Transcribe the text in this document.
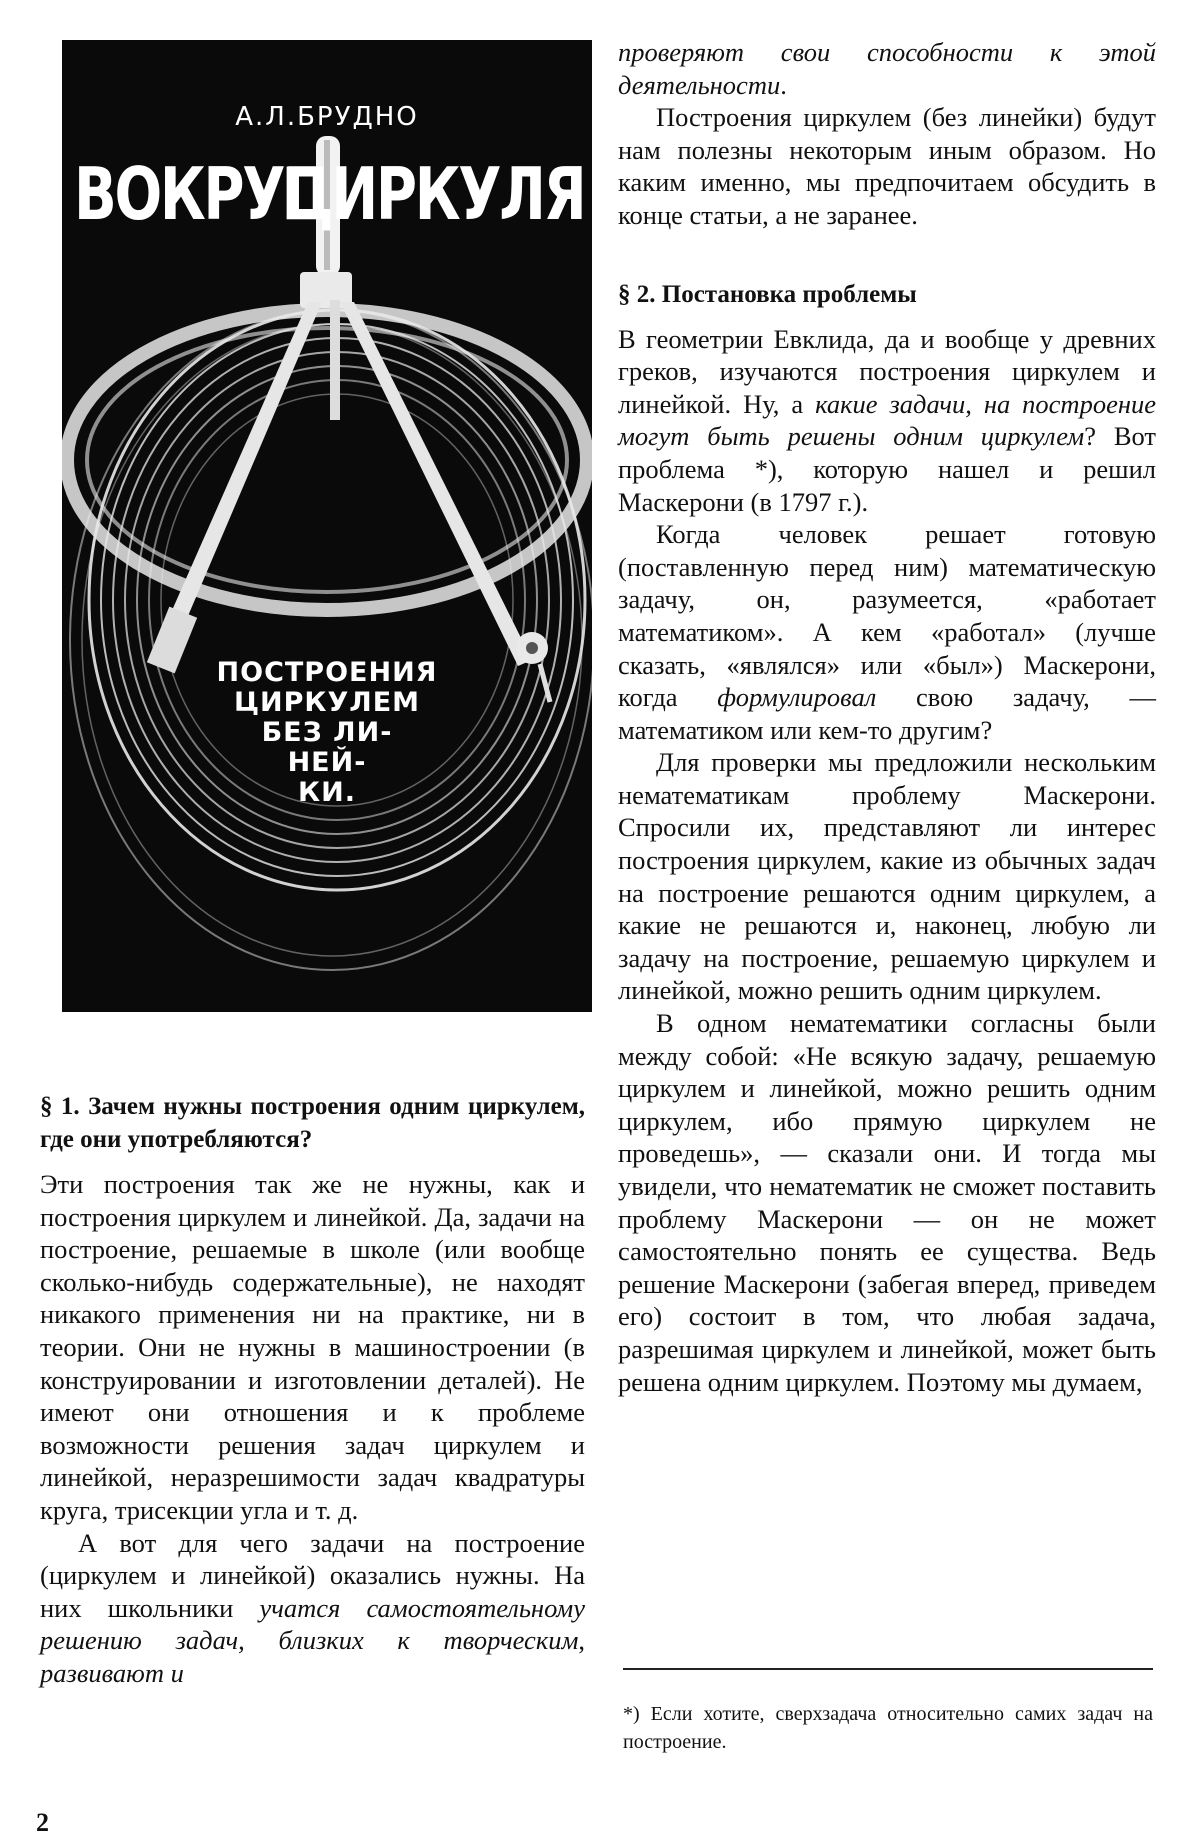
А.Л.БРУДНО
ВОКРУГ
ЦИРКУЛЯ
ПОСТРОЕНИЯ
ЦИРКУЛЕМ
БЕЗ ЛИ-
НЕЙ-
КИ.

§ 1. Зачем нужны построения одним циркулем, где они употребляются?

Эти построения так же не нужны, как и построения циркулем и линейкой. Да, задачи на построение, решаемые в школе (или вообще сколько-нибудь содержательные), не находят никакого применения ни на практике, ни в теории. Они не нужны в машиностроении (в конструировании и изготовлении деталей). Не имеют они отношения и к проблеме возможности решения задач циркулем и линейкой, неразрешимости задач квадратуры круга, трисекции угла и т. д.

А вот для чего задачи на построение (циркулем и линейкой) оказались нужны. На них школьники учатся самостоятельному решению задач, близких к творческим, развивают и

проверяют свои способности к этой деятельности.

Построения циркулем (без линейки) будут нам полезны некоторым иным образом. Но каким именно, мы предпочитаем обсудить в конце статьи, а не заранее.

§ 2. Постановка проблемы

В геометрии Евклида, да и вообще у древних греков, изучаются построения циркулем и линейкой. Ну, а какие задачи, на построение могут быть решены одним циркулем? Вот проблема *), которую нашел и решил Маскерони (в 1797 г.).

Когда человек решает готовую (поставленную перед ним) математическую задачу, он, разумеется, «работает математиком». А кем «работал» (лучше сказать, «являлся» или «был») Маскерони, когда формулировал свою задачу, — математиком или кем-то другим?

Для проверки мы предложили нескольким нематематикам проблему Маскерони. Спросили их, представляют ли интерес построения циркулем, какие из обычных задач на построение решаются одним циркулем, а какие не решаются и, наконец, любую ли задачу на построение, решаемую циркулем и линейкой, можно решить одним циркулем.

В одном нематематики согласны были между собой: «Не всякую задачу, решаемую циркулем и линейкой, можно решить одним циркулем, ибо прямую циркулем не проведешь», — сказали они. И тогда мы увидели, что нематематик не сможет поставить проблему Маскерони — он не может самостоятельно понять ее существа. Ведь решение Маскерони (забегая вперед, приведем его) состоит в том, что любая задача, разрешимая циркулем и линейкой, может быть решена одним циркулем. Поэтому мы думаем,

*) Если хотите, сверхзадача относительно самих задач на построение.
2
